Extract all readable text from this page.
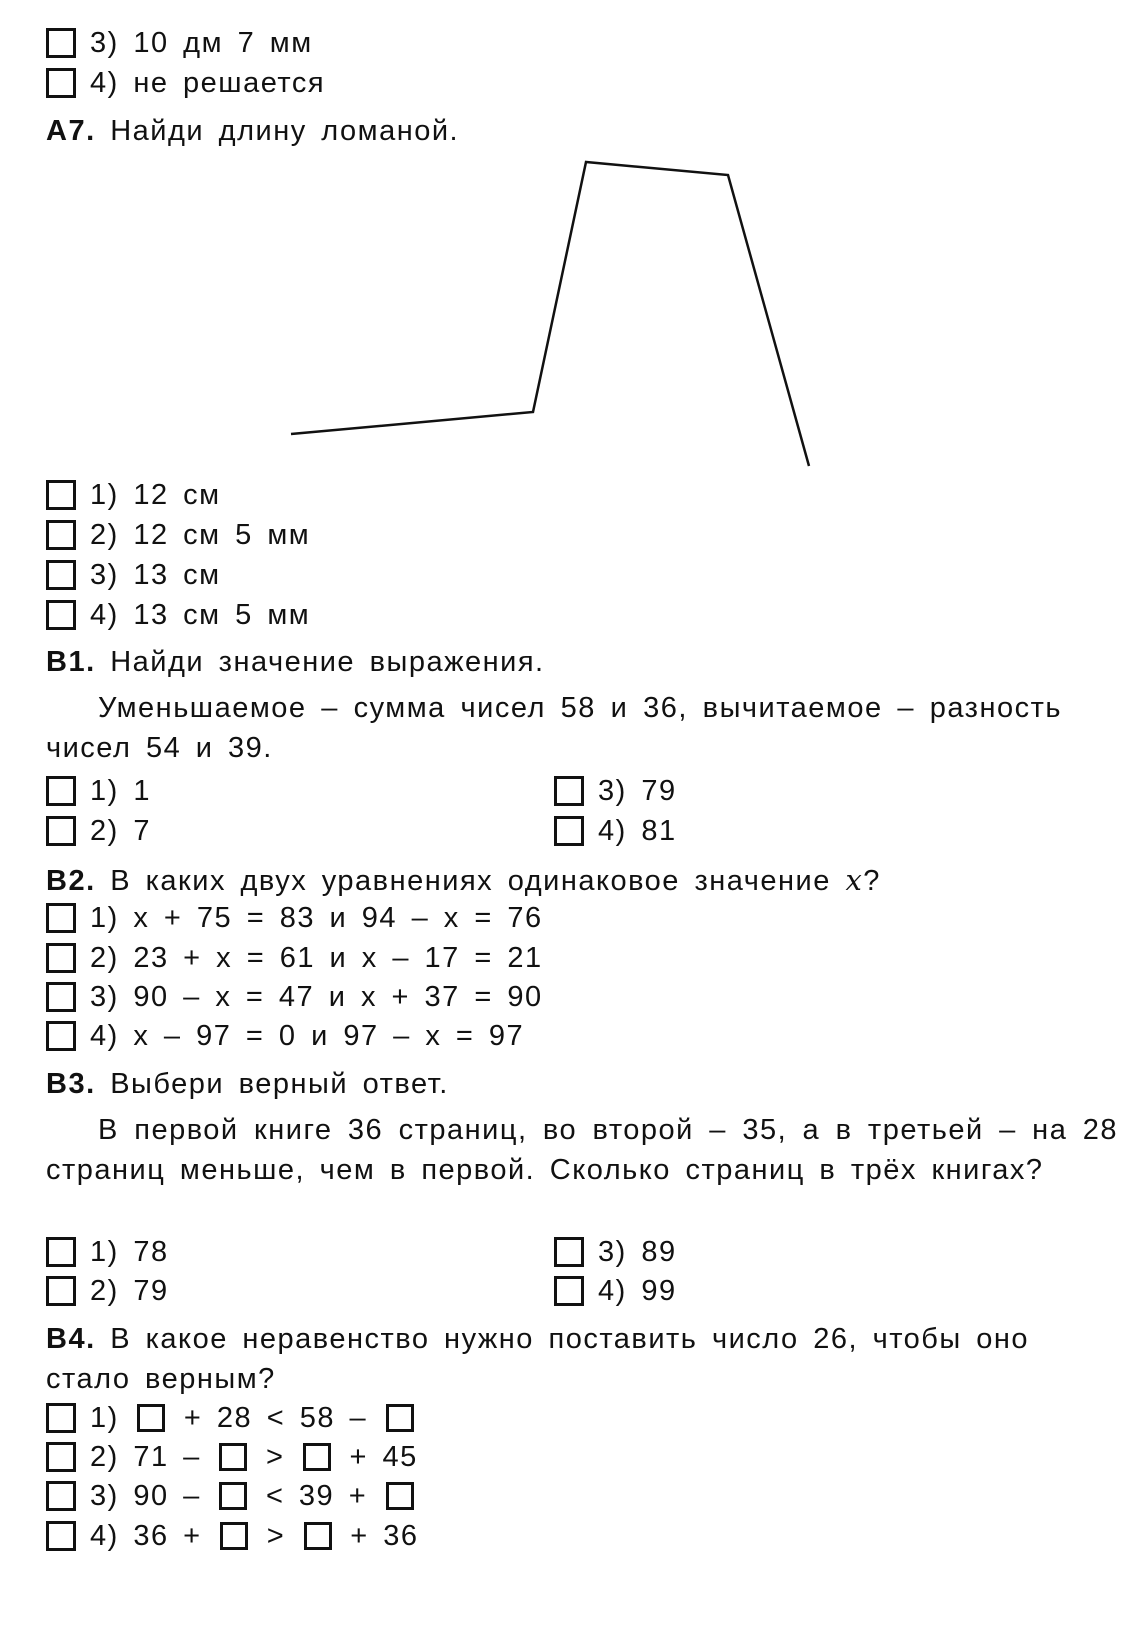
3) 10 дм 7 мм
4) не решается
А7. Найди длину ломаной.
1) 12 см
2) 12 см 5 мм
3) 13 см
4) 13 см 5 мм
В1. Найди значение выражения.
Уменьшаемое – сумма чисел 58 и 36, вычитаемое – разность чисел 54 и 39.
1) 1
2) 7
3) 79
4) 81
В2. В каких двух уравнениях одинаковое значение x?
1) x + 75 = 83 и 94 – x = 76
2) 23 + x = 61 и x – 17 = 21
3) 90 – x = 47 и x + 37 = 90
4) x – 97 = 0 и 97 – x = 97
В3. Выбери верный ответ.
В первой книге 36 страниц, во второй – 35, а в третьей – на 28 страниц меньше, чем в первой. Сколько страниц в трёх книгах?
1) 78
2) 79
3) 89
4) 99
В4. В какое неравенство нужно поставить число 26, чтобы оно
стало верным?
1) + 28 < 58 –
2) 71 – > + 45
3) 90 – < 39 +
4) 36 + > + 36
